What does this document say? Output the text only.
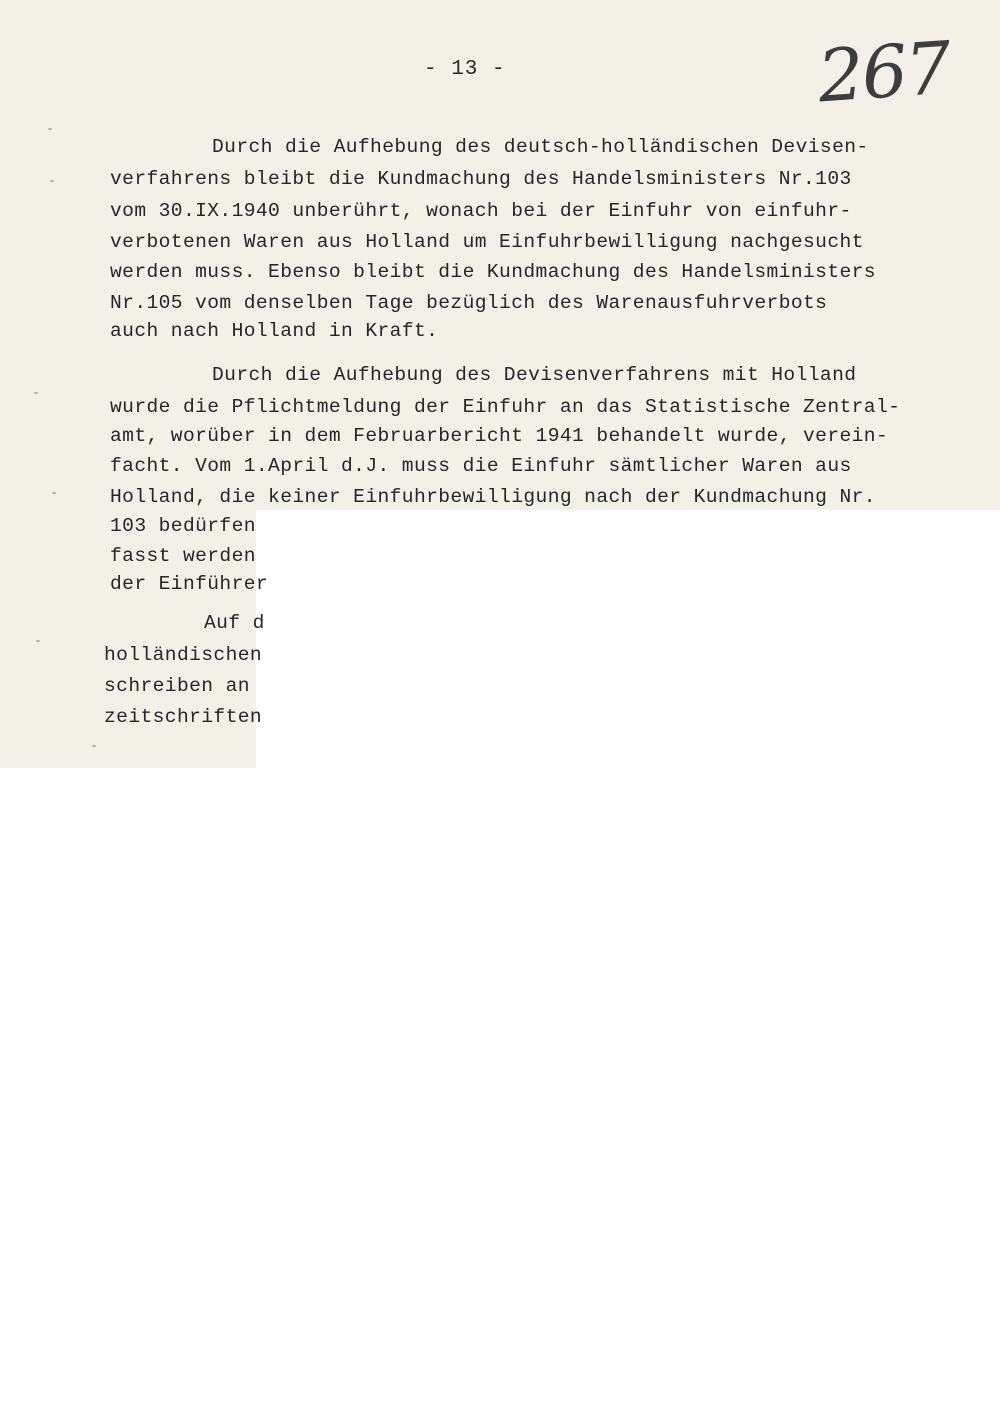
- 13 -	267
Durch die Aufhebung des deutsch-holländischen Devisen-
verfahrens bleibt die Kundmachung des Handelsministers Nr.103
vom 30.IX.1940 unberührt, wonach bei der Einfuhr von einfuhr-
verbotenen Waren aus Holland um Einfuhrbewilligung nachgesucht
werden muss. Ebenso bleibt die Kundmachung des Handelsministers
Nr.105 vom denselben Tage bezüglich des Warenausfuhrverbots
auch nach Holland in Kraft.
Durch die Aufhebung des Devisenverfahrens mit Holland
wurde die Pflichtmeldung der Einfuhr an das Statistische Zentral-
amt, worüber in dem Februarbericht 1941 behandelt wurde, verein-
facht. Vom 1.April d.J. muss die Einfuhr sämtlicher Waren aus
Holland, die keiner Einfuhrbewilligung nach der Kundmachung Nr.
103 bedürfen
fasst werden
der Einführer
Auf d
holländischen
schreiben an
zeitschriften
